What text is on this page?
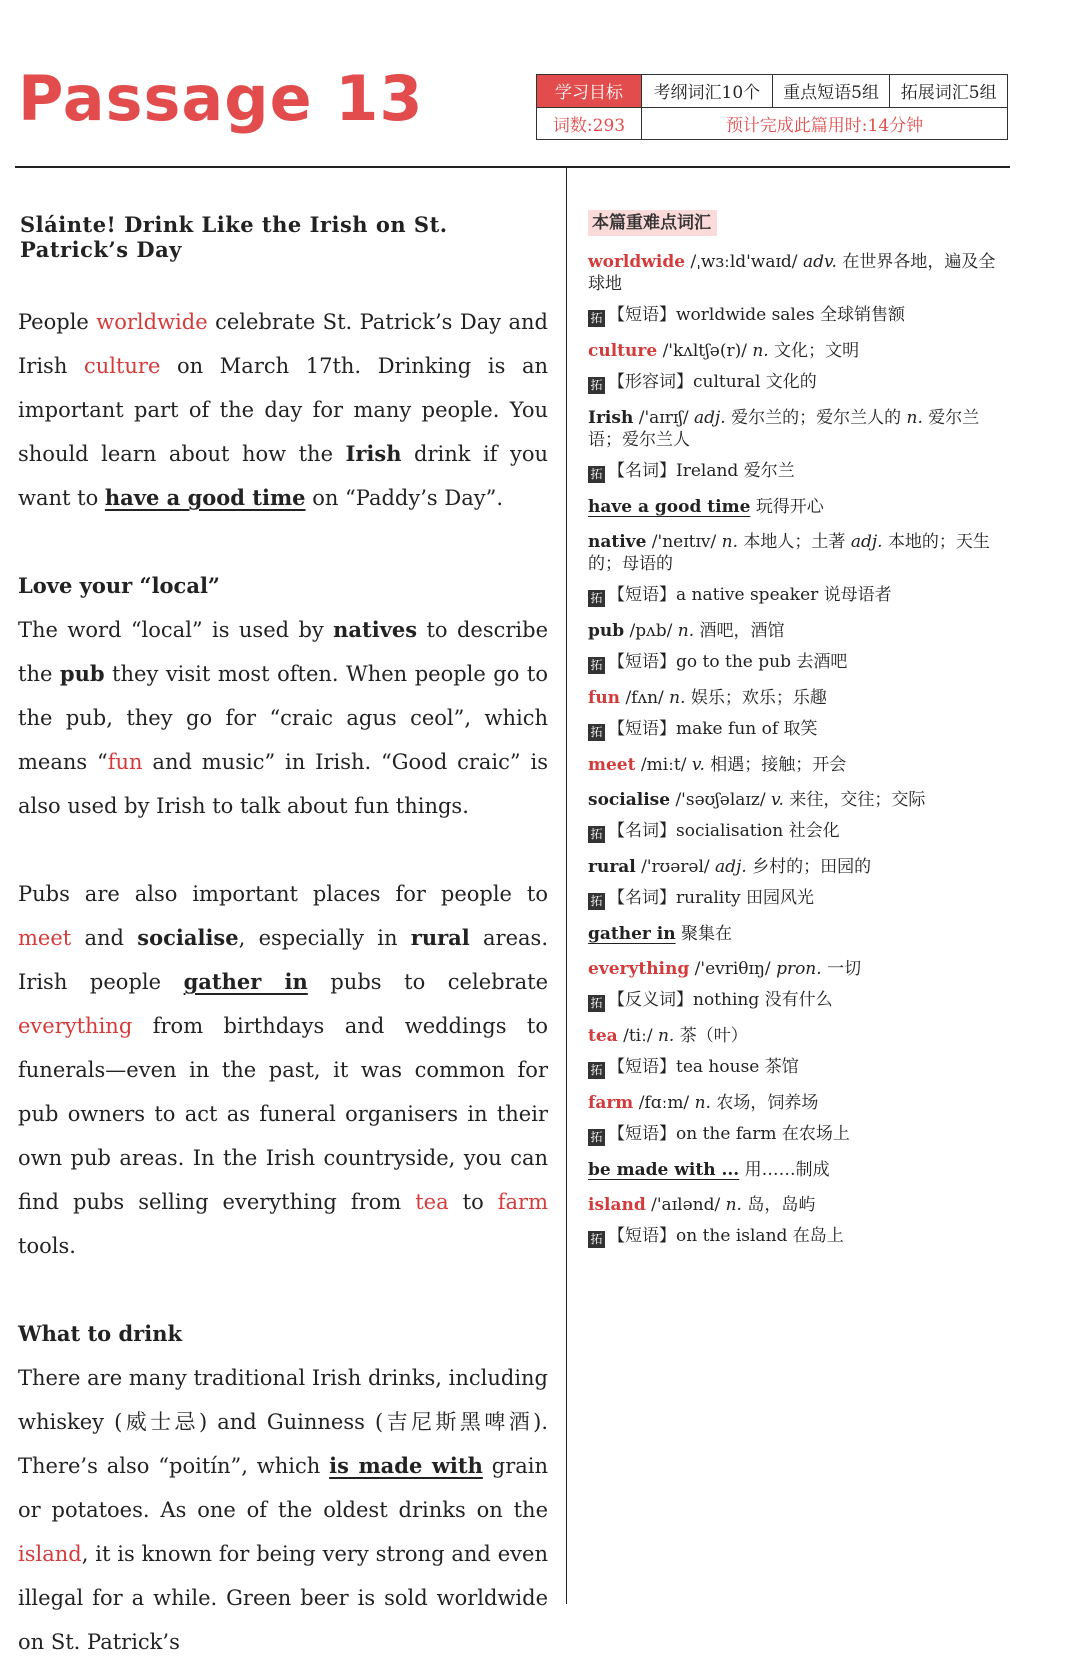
Passage 13	学习目标	考纲词汇10个	重点短语5组	拓展词汇5组
词数:293	预计完成此篇用时:14分钟		
Sláinte! Drink Like the Irish on St. Patrick’s Day

People worldwide celebrate St. Patrick’s Day and Irish culture on March 17th. Drinking is an important part of the day for many people. You should learn about how the Irish drink if you want to have a good time on “Paddy’s Day”.

Love your “local”

The word “local” is used by natives to describe the pub they visit most often. When people go to the pub, they go for “craic agus ceol”, which means “fun and music” in Irish. “Good craic” is also used by Irish to talk about fun things.

Pubs are also important places for people to meet and socialise, especially in rural areas. Irish people gather in pubs to celebrate everything from birthdays and weddings to funerals—even in the past, it was common for pub owners to act as funeral organisers in their own pub areas. In the Irish countryside, you can find pubs selling everything from tea to farm tools.

What to drink

There are many traditional Irish drinks, including whiskey (威士忌) and Guinness (吉尼斯黑啤酒). There’s also “poitín”, which is made with grain or potatoes. As one of the oldest drinks on the island, it is known for being very strong and even illegal for a while. Green beer is sold worldwide on St. Patrick’s

本篇重难点词汇
worldwide /ˌwɜːld'waɪd/ adv. 在世界各地，遍及全球地
拓 【短语】worldwide sales 全球销售额
culture /'kʌltʃə(r)/ n. 文化；文明
拓 【形容词】cultural 文化的
Irish /'aɪrɪʃ/ adj. 爱尔兰的；爱尔兰人的 n. 爱尔兰语；爱尔兰人
拓 【名词】Ireland 爱尔兰
have a good time 玩得开心
native /'neɪtɪv/ n. 本地人；土著 adj. 本地的；天生的；母语的
拓 【短语】a native speaker 说母语者
pub /pʌb/ n. 酒吧，酒馆
拓 【短语】go to the pub 去酒吧
fun /fʌn/ n. 娱乐；欢乐；乐趣
拓 【短语】make fun of 取笑
meet /miːt/ v. 相遇；接触；开会
socialise /'səʊʃəlaɪz/ v. 来往，交往；交际
拓 【名词】socialisation 社会化
rural /'rʊərəl/ adj. 乡村的；田园的
拓 【名词】rurality 田园风光
gather in 聚集在
everything /'evriθɪŋ/ pron. 一切
拓 【反义词】nothing 没有什么
tea /tiː/ n. 茶（叶）
拓 【短语】tea house 茶馆
farm /fɑːm/ n. 农场，饲养场
拓 【短语】on the farm 在农场上
be made with ... 用……制成
island /'aɪlənd/ n. 岛，岛屿
拓 【短语】on the island 在岛上
